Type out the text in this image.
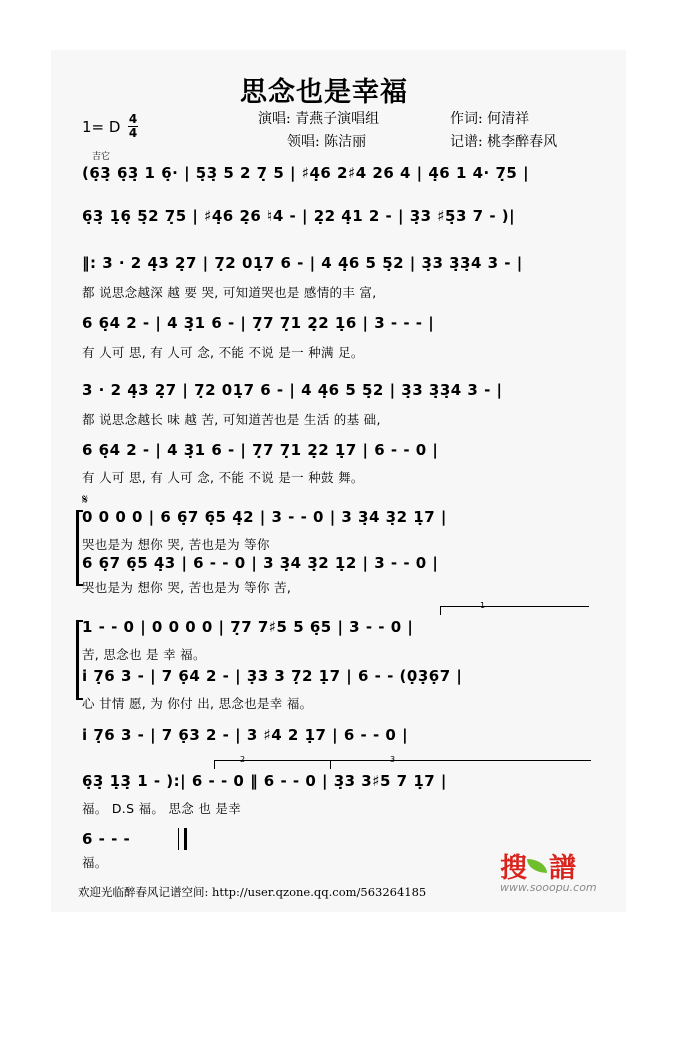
思念也是幸福
演唱: 青燕子演唱组	作词: 何清祥
领唱: 陈洁丽	记谱: 桃李醉春风
1= D 4
4
吉它
(6̣3̣ 6̣3̣ 1 6̣· | 5̣3̣ 5 2 7̣ 5 | ♯4̣6 2♯4 26 4 | 4̣6 1 4· 7̣5 |
6̣3̣ 1̣6̣ 5̣2 7̣5 | ♯4̣6 2̣6 ♮4 - | 2̣2 4̣1 2 - | 3̣3 ♯5̣3 7 - )|
‖: 3 · 2 4̣3 2̣7 | 7̣2 01̣7 6 - | 4 4̣6 5 5̣2 | 3̣3 3̣3̣4 3 - |
都 说思念越深 越 要 哭, 可知道哭也是 感情的丰 富,
6 6̣4 2 - | 4 3̣1 6 - | 7̣7 7̣1 2̣2 1̣6 | 3 - - - |
有 人可 思, 有 人可 念, 不能 不说 是一 种满 足。
3 · 2 4̣3 2̣7 | 7̣2 01̣7 6 - | 4 4̣6 5 5̣2 | 3̣3 3̣3̣4 3 - |
都 说思念越长 味 越 苦, 可知道苦也是 生活 的基 础,
6 6̣4 2 - | 4 3̣1 6 - | 7̣7 7̣1 2̣2 1̣7 | 6 - - 0 |
有 人可 思, 有 人可 念, 不能 不说 是一 种鼓 舞。
𝄋
0 0 0 0 | 6 6̣7 6̣5 4̣2 | 3 - - 0 | 3 3̣4 3̣2 1̣7 |
哭也是为 想你 哭, 苦也是为 等你
6 6̣7 6̣5 4̣3 | 6 - - 0 | 3 3̣4 3̣2 1̣2 | 3 - - 0 |
哭也是为 想你 哭, 苦也是为 等你 苦,
1
1 - - 0 | 0 0 0 0 | 7̣7 7♯5 5 6̣5 | 3 - - 0 |
苦, 思念也 是 幸 福。
i 7̣6 3 - | 7 6̣4 2 - | 3̣3 3 7̣2 1̣7 | 6 - - (0̣3̣6̣7 |
心 甘情 愿, 为 你付 出, 思念也是幸 福。
i 7̣6 3 - | 7 6̣3 2 - | 3 ♯4 2 1̣7 | 6 - - 0 |
2	3
6̣3̣ 1̣3̣ 1 - ):| 6 - - 0 ‖ 6 - - 0 | 3̣3 3♯5 7 1̣7 |
福。 D.S 福。 思念 也 是幸
6 - - -
福。	搜 譜
www.sooopu.com
欢迎光临醉春风记谱空间: http://user.qzone.qq.com/563264185
